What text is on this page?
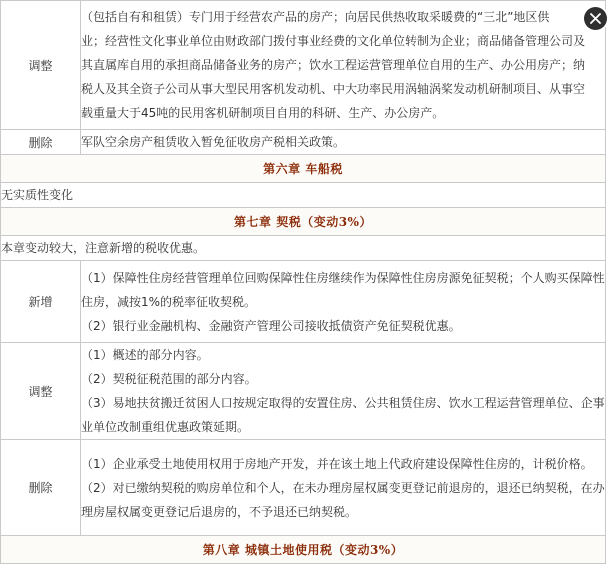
调整	（包括自有和租赁）专门用于经营农产品的房产；向居民供热收取采暖费的“三北”地区供

业；经营性文化事业单位由财政部门拨付事业经费的文化单位转制为企业；商品储备管理公司及

其直属库自用的承担商品储备业务的房产；饮水工程运营管理单位自用的生产、办公用房产；纳

税人及其全资子公司从事大型民用客机发动机、中大功率民用涡轴涡桨发动机研制项目、从事空

载重量大于45吨的民用客机研制项目自用的科研、生产、办公房产。

删除	军队空余房产租赁收入暂免征收房产税相关政策。
第六章 车船税	
无实质性变化	
第七章 契税（变动3%）	
本章变动较大，注意新增的税收优惠。	
新增	（1）保障性住房经营管理单位回购保障性住房继续作为保障性住房房源免征契税；个人购买保障性住房，减按1%的税率征收契税。

（2）银行业金融机构、金融资产管理公司接收抵债资产免征契税优惠。

调整	（1）概述的部分内容。

（2）契税征税范围的部分内容。

（3）易地扶贫搬迁贫困人口按规定取得的安置住房、公共租赁住房、饮水工程运营管理单位、企事业单位改制重组优惠政策延期。

删除	（1）企业承受土地使用权用于房地产开发，并在该土地上代政府建设保障性住房的，计税价格。

（2）对已缴纳契税的购房单位和个人，在未办理房屋权属变更登记前退房的，退还已纳契税，在办理房屋权属变更登记后退房的，不予退还已纳契税。

第八章 城镇土地使用税（变动3%）	
